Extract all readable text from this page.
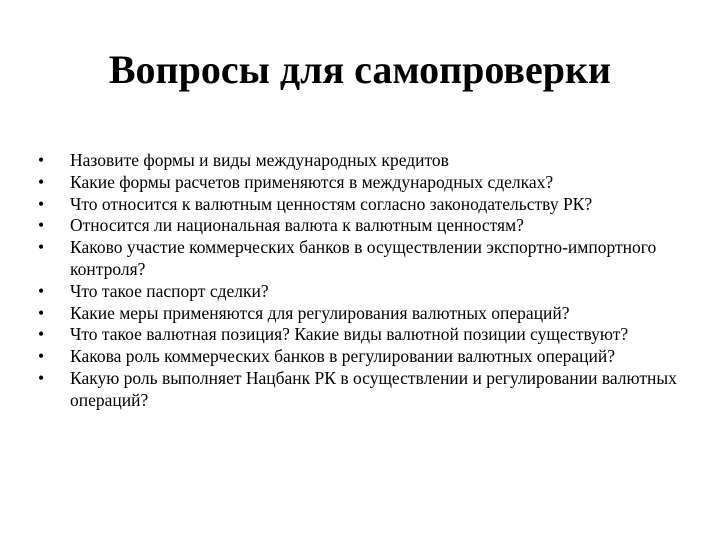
Вопросы для самопроверки
•	Назовите формы и виды международных кредитов
•	Какие формы расчетов применяются в международных сделках?
•	Что относится к валютным ценностям согласно законодательству РК?
•	Относится ли национальная валюта к валютным ценностям?
•	Каково участие коммерческих банков в осуществлении экспортно-импортного контроля?
•	Что такое паспорт сделки?
•	Какие меры применяются для регулирования валютных операций?
•	Что такое валютная позиция? Какие виды валютной позиции существуют?
•	Какова роль коммерческих банков в регулировании валютных операций?
•	Какую роль выполняет Нацбанк РК в осуществлении и регулировании валютных операций?
